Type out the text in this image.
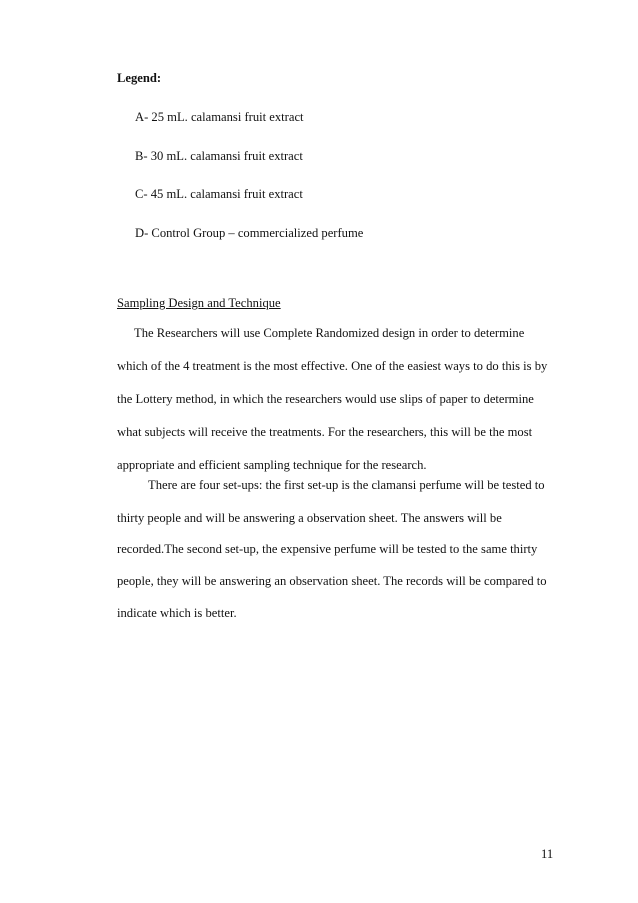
Legend:
A- 25 mL. calamansi fruit extract
B- 30 mL. calamansi fruit extract
C- 45 mL. calamansi fruit extract
D- Control Group – commercialized perfume
Sampling Design and Technique
The Researchers will use Complete Randomized design in order to determine
which of the 4 treatment is the most effective. One of the easiest ways to do this is by
the Lottery method, in which the researchers would use slips of paper to determine
what subjects will receive the treatments. For the researchers, this will be the most
appropriate and efficient sampling technique for the research.
There are four set-ups: the first set-up is the clamansi perfume will be tested to
thirty people and will be answering a observation sheet. The answers will be
recorded.The second set-up, the expensive perfume will be tested to the same thirty
people, they will be answering an observation sheet. The records will be compared to
indicate which is better.
11
